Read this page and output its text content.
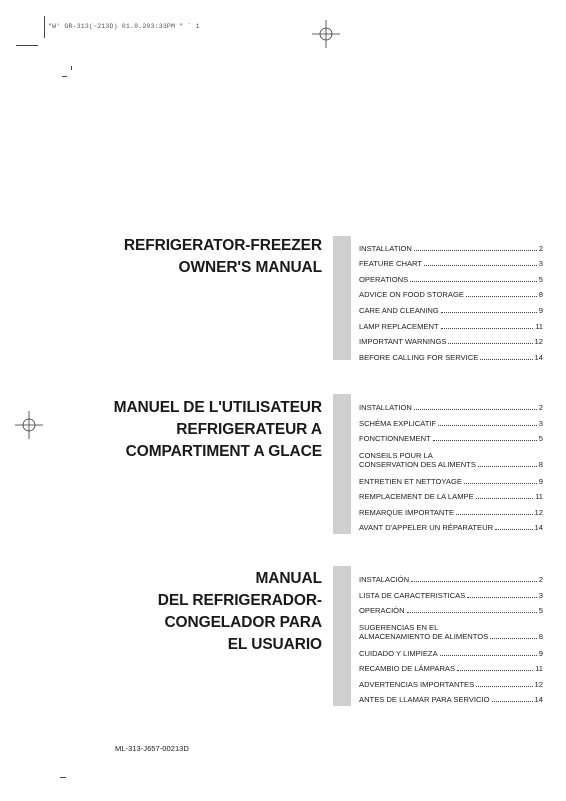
"W' GR-313(~213D) 01.8.203:33PM " ` 1
REFRIGERATOR-FREEZER
OWNER'S MANUAL
INSTALLATION	2
FEATURE CHART	3
OPERATIONS	5
ADVICE ON FOOD STORAGE	8
CARE AND CLEANING	9
LAMP REPLACEMENT	11
IMPORTANT WARNINGS	12
BEFORE CALLING FOR SERVICE	14
MANUEL DE L'UTILISATEUR
REFRIGERATEUR A
COMPARTIMENT A GLACE
INSTALLATION	2
SCHÉMA EXPLICATIF	3
FONCTIONNEMENT	5
CONSEILS POUR LA
CONSERVATION DES ALIMENTS	8
ENTRETIEN ET NETTOYAGE	9
REMPLACEMENT DE LA LAMPE	11
REMARQUE IMPORTANTE	12
AVANT D'APPELER UN RÉPARATEUR	14
MANUAL
DEL REFRIGERADOR-
CONGELADOR PARA
EL USUARIO
INSTALACIÓN	2
LISTA DE CARACTERISTICAS	3
OPERACIÓN	5
SUGERENCIAS EN EL
ALMACENAMIENTO DE ALIMENTOS	8
CUIDADO Y LIMPIEZA	9
RECAMBIO DE LÁMPARAS	11
ADVERTENCIAS IMPORTANTES	12
ANTES DE LLAMAR PARA SERVICIO	14
ML-313-J657-00213D
